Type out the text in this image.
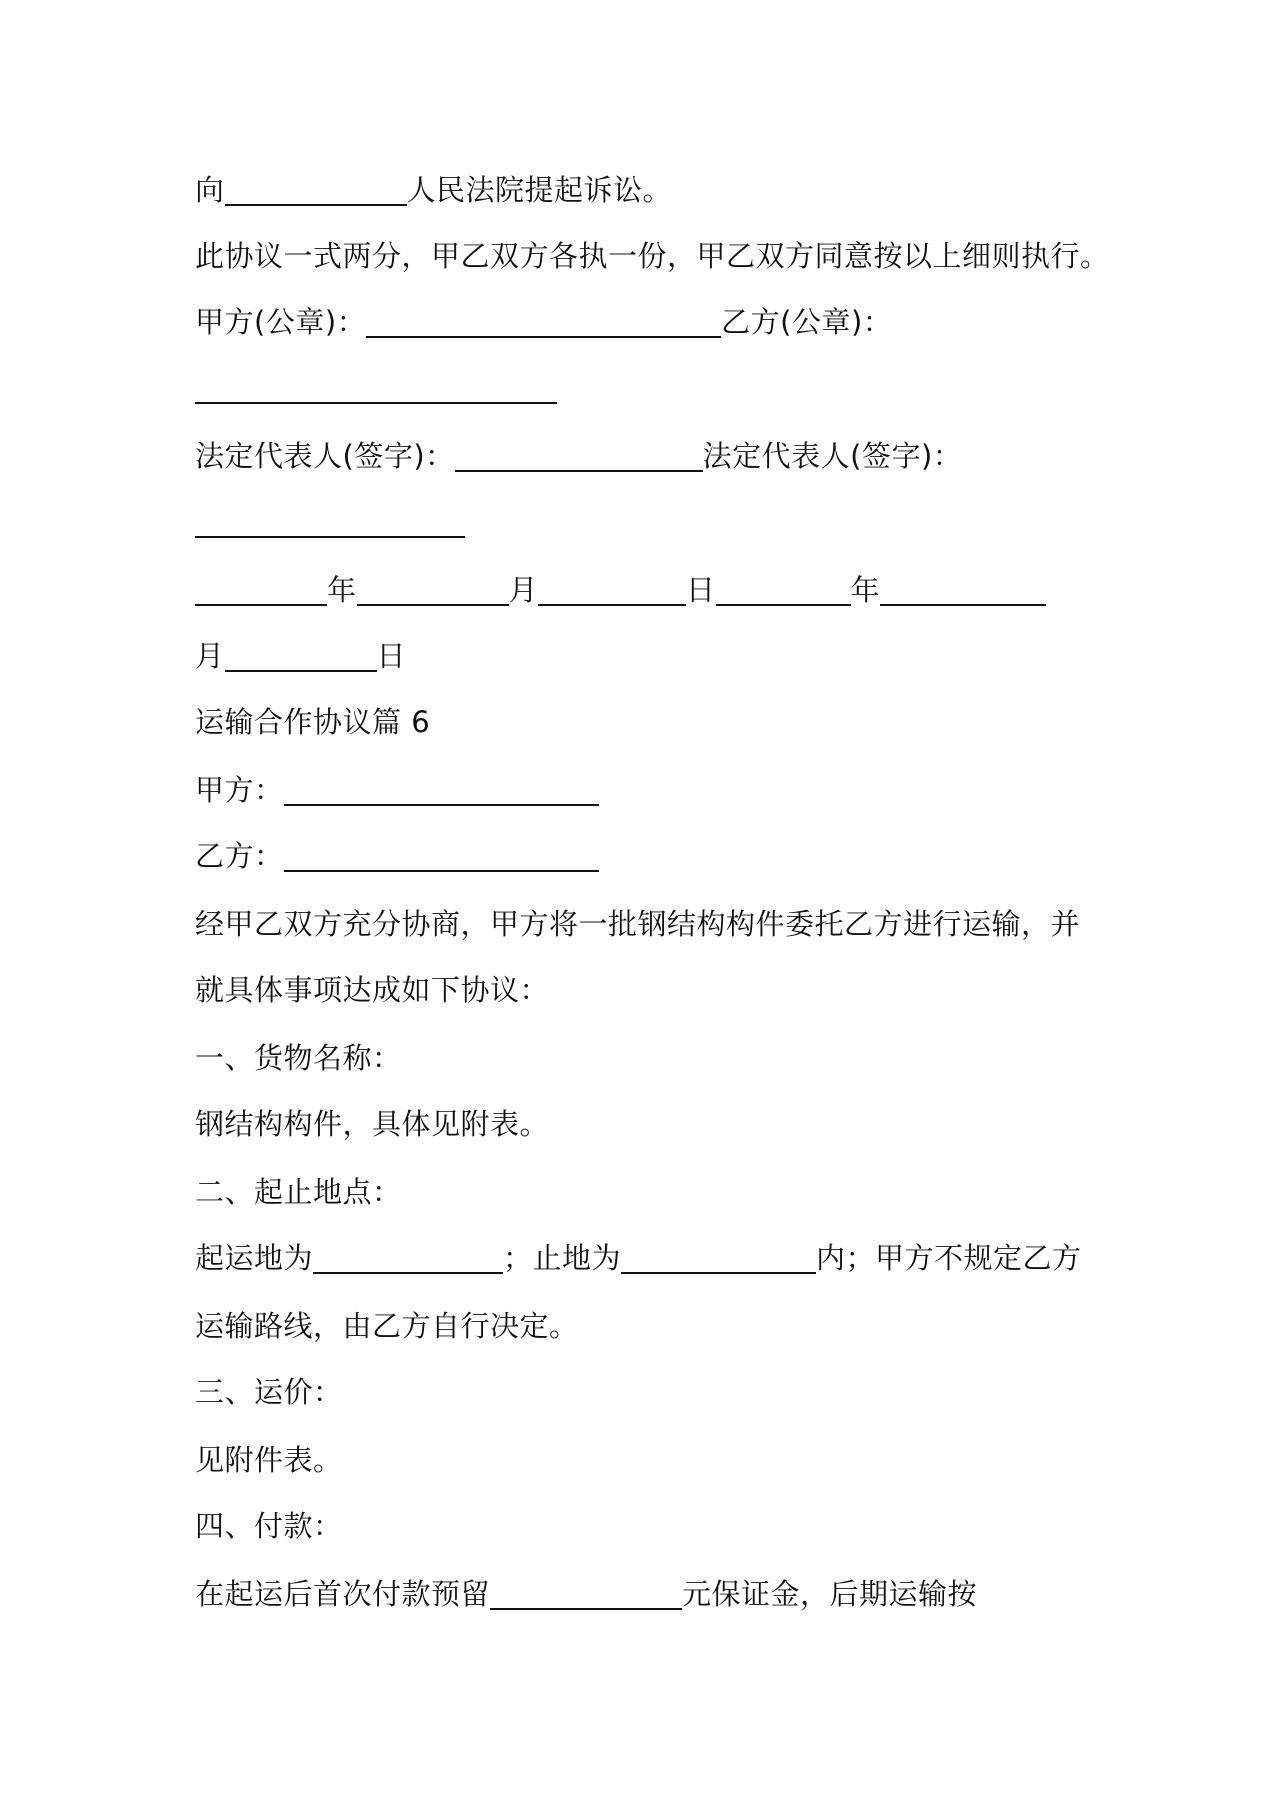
向	人民法院提起诉讼。
此协议一式两分，甲乙双方各执一份，甲乙双方同意按以上细则执行。
甲方(公章)：	乙方(公章)：
法定代表人(签字)：	法定代表人(签字)：
年	月	日	年
月	日
运输合作协议篇 6
甲方：
乙方：
经甲乙双方充分协商，甲方将一批钢结构构件委托乙方进行运输，并
就具体事项达成如下协议：
一、货物名称：
钢结构构件，具体见附表。
二、起止地点：
起运地为	；止地为	内；甲方不规定乙方
运输路线，由乙方自行决定。
三、运价：
见附件表。
四、付款：
在起运后首次付款预留	元保证金，后期运输按
